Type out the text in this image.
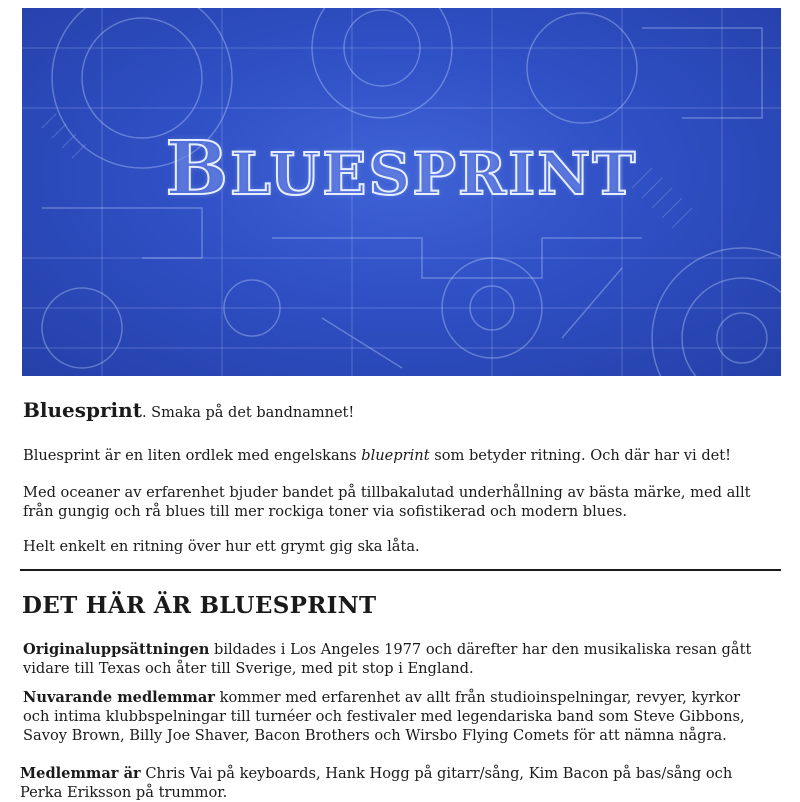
BLUESPRINT

Bluesprint. Smaka på det bandnamnet!

Bluesprint är en liten ordlek med engelskans blueprint som betyder ritning. Och där har vi det!

Med oceaner av erfarenhet bjuder bandet på tillbakalutad underhållning av bästa märke, med allt från gungig och rå blues till mer rockiga toner via sofistikerad och modern blues.

Helt enkelt en ritning över hur ett grymt gig ska låta.

DET HÄR ÄR BLUESPRINT

Originaluppsättningen bildades i Los Angeles 1977 och därefter har den musikaliska resan gått vidare till Texas och åter till Sverige, med pit stop i England.

Nuvarande medlemmar kommer med erfarenhet av allt från studioinspelningar, revyer, kyrkor och intima klubbspelningar till turnéer och festivaler med legendariska band som Steve Gibbons, Savoy Brown, Billy Joe Shaver, Bacon Brothers och Wirsbo Flying Comets för att nämna några.

Medlemmar är Chris Vai på keyboards, Hank Hogg på gitarr/sång, Kim Bacon på bas/sång och Perka Eriksson på trummor.
